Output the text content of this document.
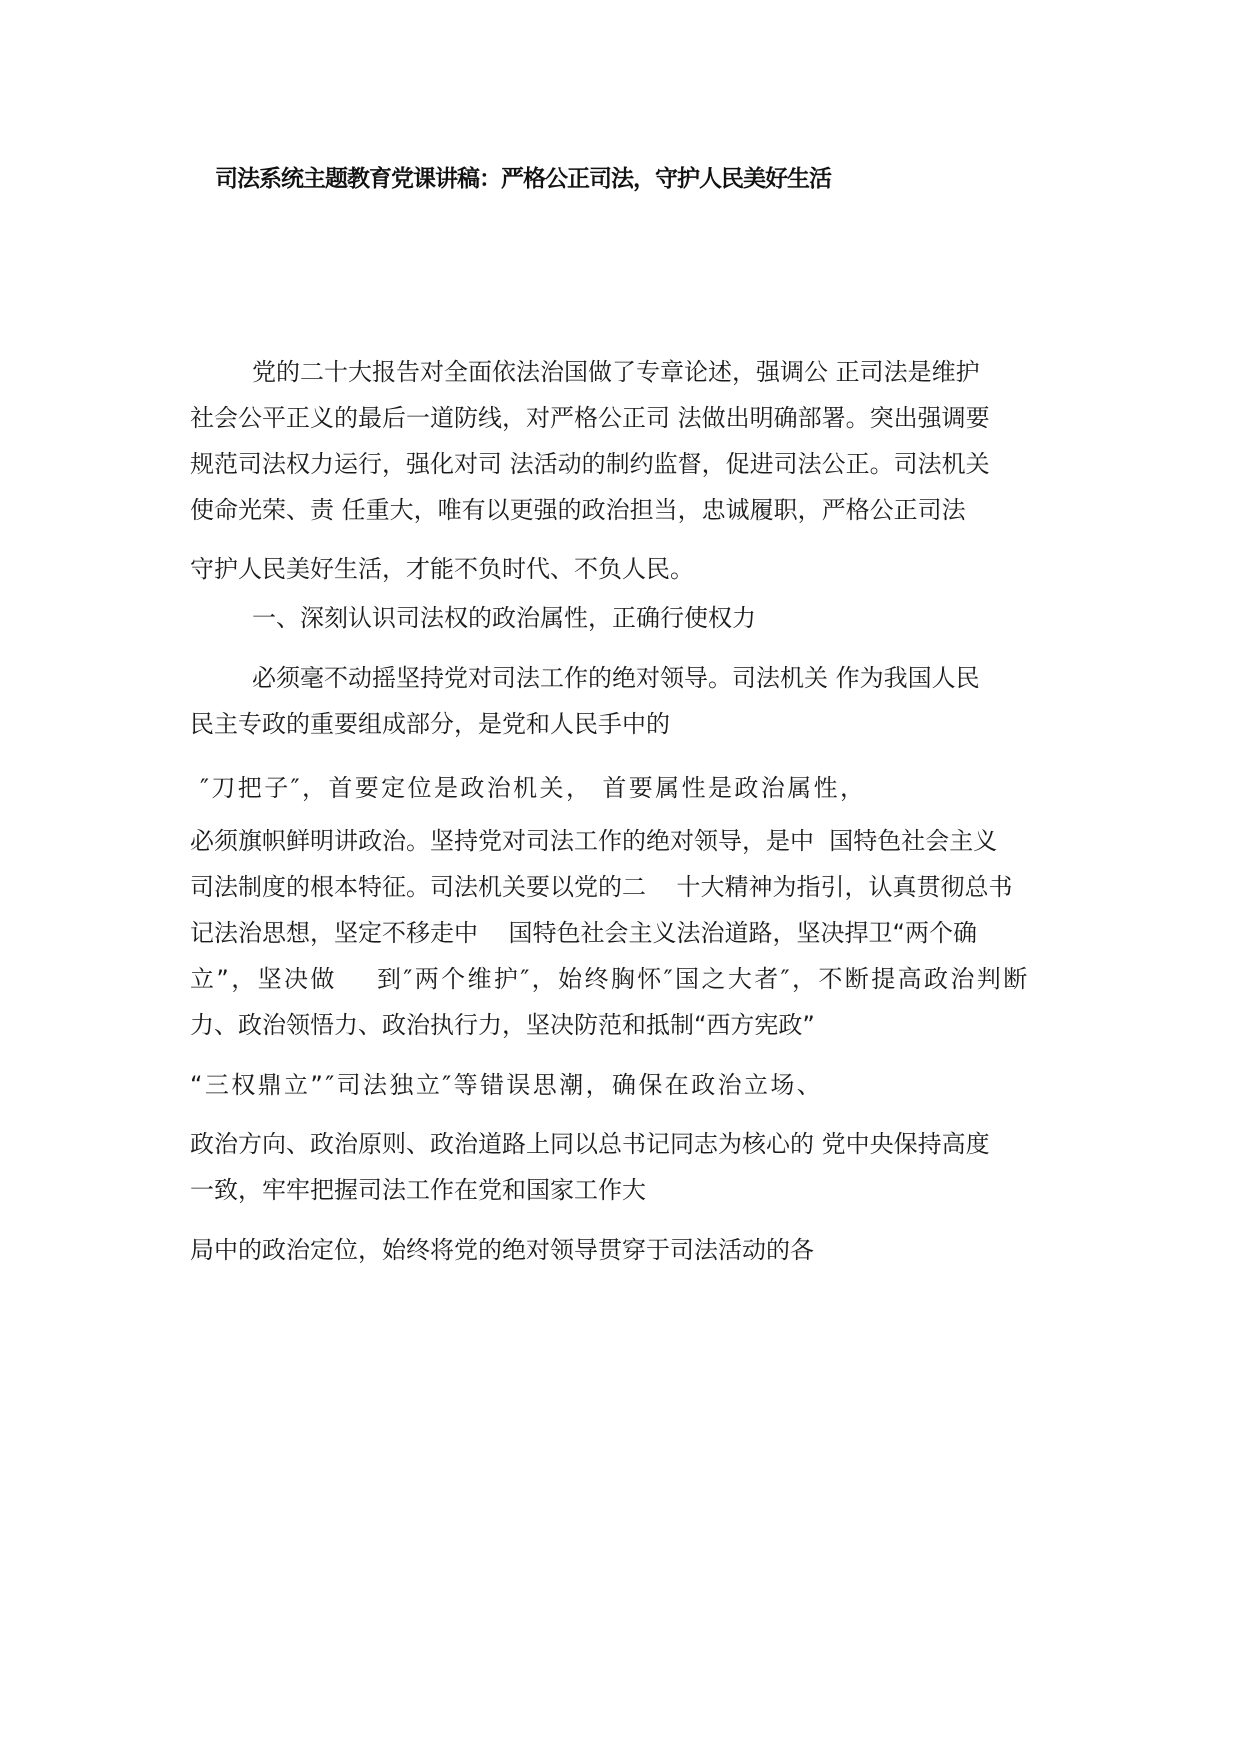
司法系统主题教育党课讲稿：严格公正司法，守护人民美好生活
党的二十大报告对全面依法治国做了专章论述，强调公 正司法是维护
社会公平正义的最后一道防线，对严格公正司 法做出明确部署。突出强调要
规范司法权力运行，强化对司 法活动的制约监督，促进司法公正。司法机关
使命光荣、责 任重大，唯有以更强的政治担当，忠诚履职，严格公正司法
守护人民美好生活，才能不负时代、不负人民。
一、深刻认识司法权的政治属性，正确行使权力
必须毫不动摇坚持党对司法工作的绝对领导。司法机关 作为我国人民
民主专政的重要组成部分，是党和人民手中的
″刀把子″，首要定位是政治机关， 首要属性是政治属性，
必须旗帜鲜明讲政治。坚持党对司法工作的绝对领导，是中  国特色社会主义
司法制度的根本特征。司法机关要以党的二    十大精神为指引，认真贯彻总书
记法治思想，坚定不移走中    国特色社会主义法治道路，坚决捍卫“两个确
立”，坚决做    到″两个维护″，始终胸怀″国之大者″，不断提高政治判断
力、政治领悟力、政治执行力，坚决防范和抵制“西方宪政”
“三权鼎立”″司法独立″等错误思潮，确保在政治立场、
政治方向、政治原则、政治道路上同以总书记同志为核心的 党中央保持高度
一致，牢牢把握司法工作在党和国家工作大
局中的政治定位，始终将党的绝对领导贯穿于司法活动的各
